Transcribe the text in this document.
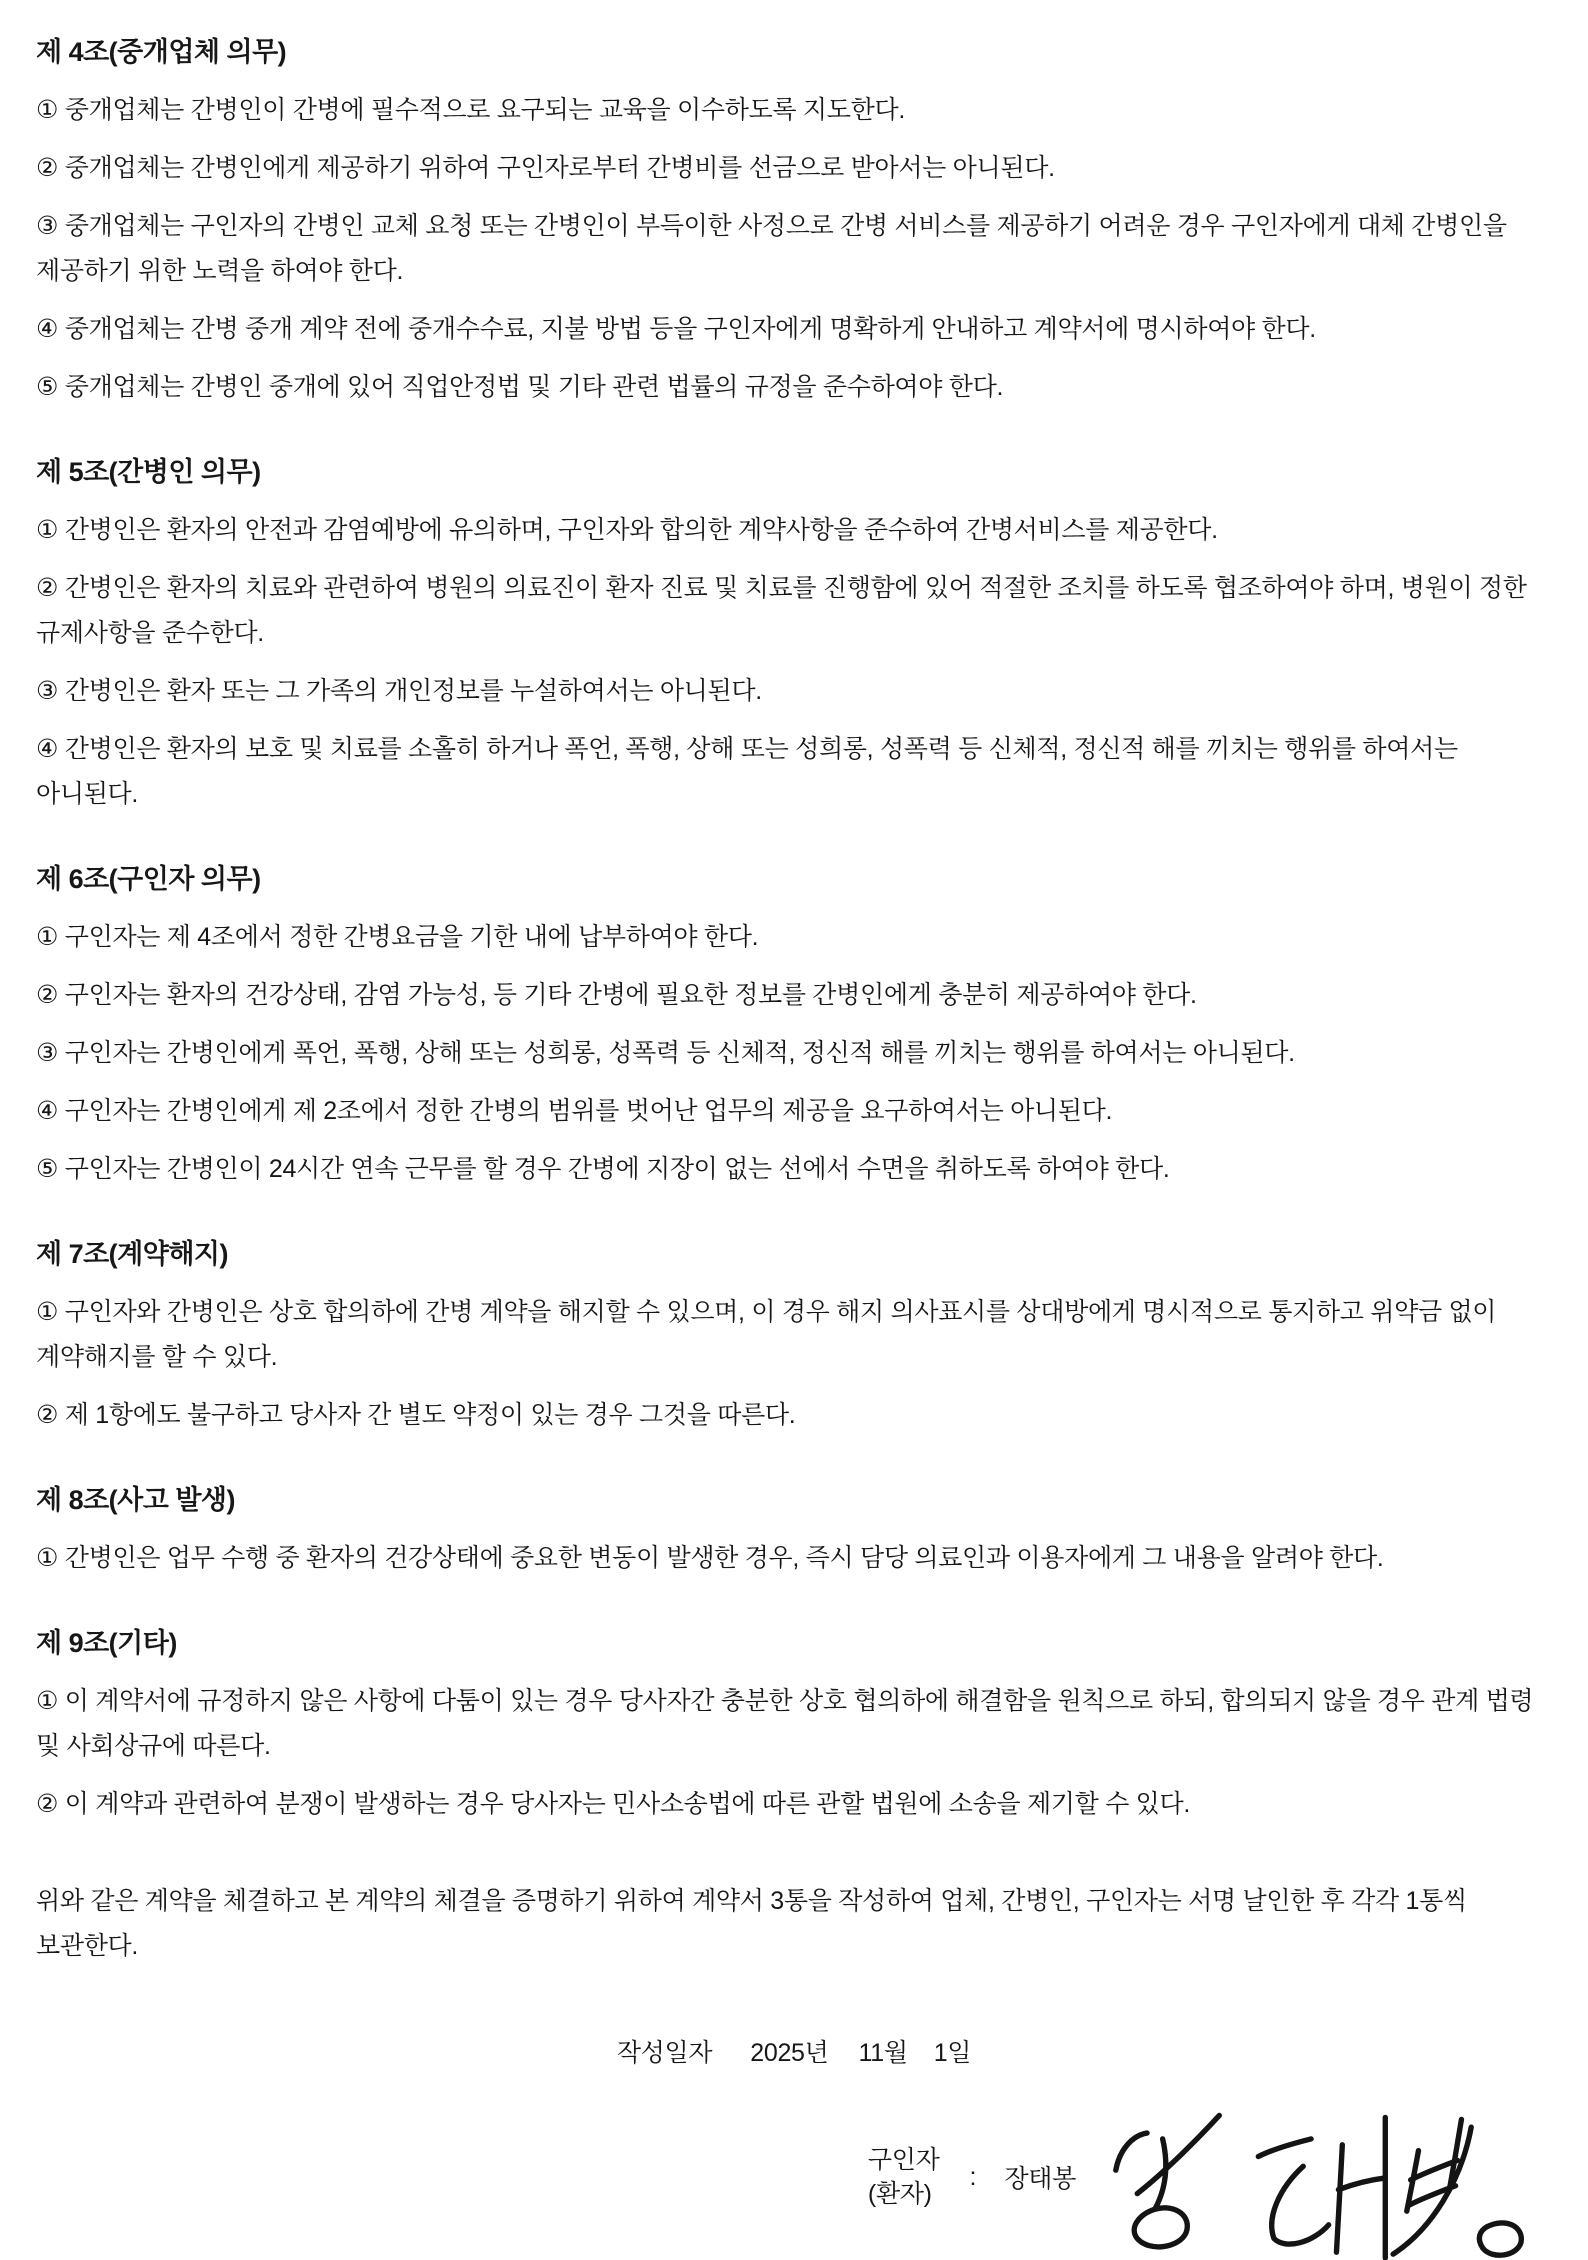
제 4조(중개업체 의무)

① 중개업체는 간병인이 간병에 필수적으로 요구되는 교육을 이수하도록 지도한다.

② 중개업체는 간병인에게 제공하기 위하여 구인자로부터 간병비를 선금으로 받아서는 아니된다.

③ 중개업체는 구인자의 간병인 교체 요청 또는 간병인이 부득이한 사정으로 간병 서비스를 제공하기 어려운 경우 구인자에게 대체 간병인을 제공하기 위한 노력을 하여야 한다.

④ 중개업체는 간병 중개 계약 전에 중개수수료, 지불 방법 등을 구인자에게 명확하게 안내하고 계약서에 명시하여야 한다.

⑤ 중개업체는 간병인 중개에 있어 직업안정법 및 기타 관련 법률의 규정을 준수하여야 한다.

제 5조(간병인 의무)

① 간병인은 환자의 안전과 감염예방에 유의하며, 구인자와 합의한 계약사항을 준수하여 간병서비스를 제공한다.

② 간병인은 환자의 치료와 관련하여 병원의 의료진이 환자 진료 및 치료를 진행함에 있어 적절한 조치를 하도록 협조하여야 하며, 병원이 정한 규제사항을 준수한다.

③ 간병인은 환자 또는 그 가족의 개인정보를 누설하여서는 아니된다.

④ 간병인은 환자의 보호 및 치료를 소홀히 하거나 폭언, 폭행, 상해 또는 성희롱, 성폭력 등 신체적, 정신적 해를 끼치는 행위를 하여서는 아니된다.

제 6조(구인자 의무)

① 구인자는 제 4조에서 정한 간병요금을 기한 내에 납부하여야 한다.

② 구인자는 환자의 건강상태, 감염 가능성, 등 기타 간병에 필요한 정보를 간병인에게 충분히 제공하여야 한다.

③ 구인자는 간병인에게 폭언, 폭행, 상해 또는 성희롱, 성폭력 등 신체적, 정신적 해를 끼치는 행위를 하여서는 아니된다.

④ 구인자는 간병인에게 제 2조에서 정한 간병의 범위를 벗어난 업무의 제공을 요구하여서는 아니된다.

⑤ 구인자는 간병인이 24시간 연속 근무를 할 경우 간병에 지장이 없는 선에서 수면을 취하도록 하여야 한다.

제 7조(계약해지)

① 구인자와 간병인은 상호 합의하에 간병 계약을 해지할 수 있으며, 이 경우 해지 의사표시를 상대방에게 명시적으로 통지하고 위약금 없이 계약해지를 할 수 있다.

② 제 1항에도 불구하고 당사자 간 별도 약정이 있는 경우 그것을 따른다.

제 8조(사고 발생)

① 간병인은 업무 수행 중 환자의 건강상태에 중요한 변동이 발생한 경우, 즉시 담당 의료인과 이용자에게 그 내용을 알려야 한다.

제 9조(기타)

① 이 계약서에 규정하지 않은 사항에 다툼이 있는 경우 당사자간 충분한 상호 협의하에 해결함을 원칙으로 하되, 합의되지 않을 경우 관계 법령 및 사회상규에 따른다.

② 이 계약과 관련하여 분쟁이 발생하는 경우 당사자는 민사소송법에 따른 관할 법원에 소송을 제기할 수 있다.

위와 같은 계약을 체결하고 본 계약의 체결을 증명하기 위하여 계약서 3통을 작성하여 업체, 간병인, 구인자는 서명 날인한 후 각각 1통씩 보관한다.

작성일자 2025년 11월 1일
구인자
(환자)
: 장태봉
